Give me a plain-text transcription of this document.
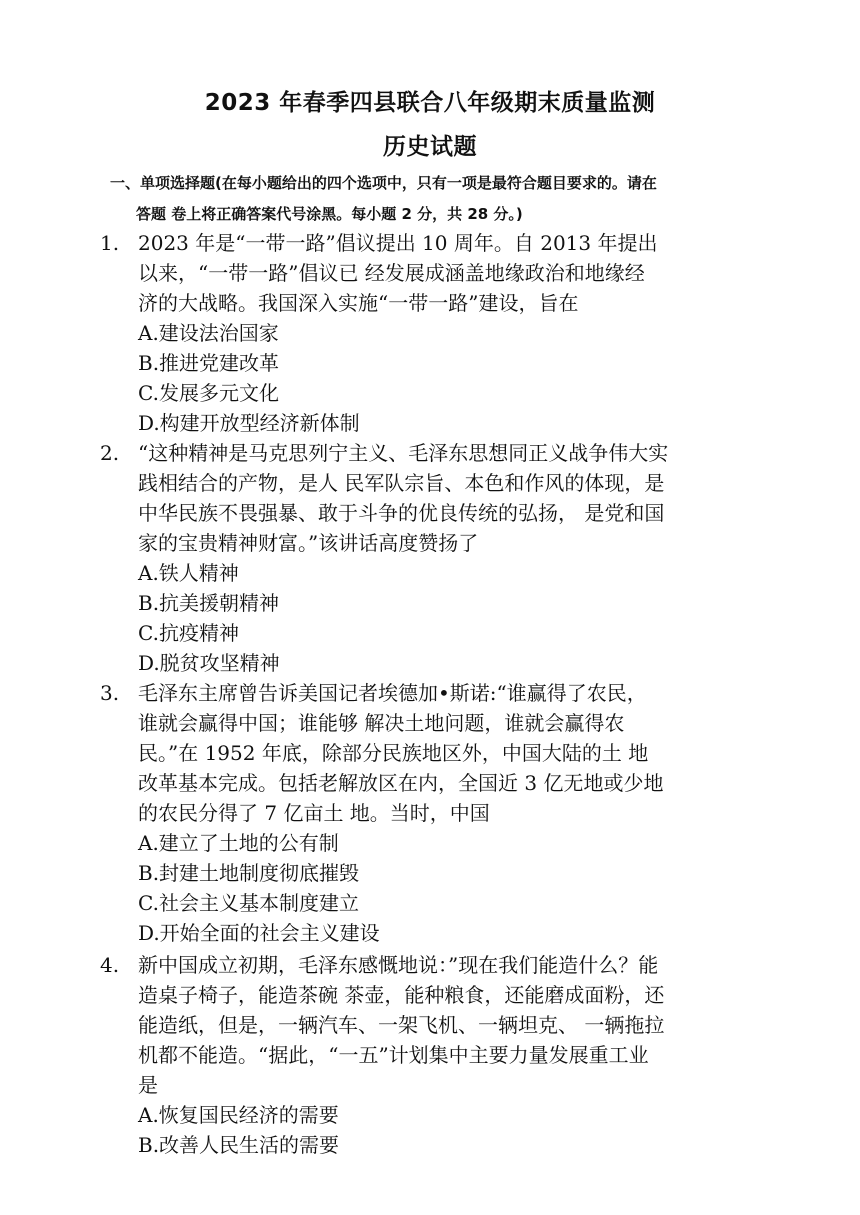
2023 年春季四县联合八年级期末质量监测
历史试题
一、单项选择题(在每小题给出的四个选项中，只有一项是最符合题目要求的。请在
答题 卷上将正确答案代号涂黑。每小题 2 分，共 28 分。)
1. 2023 年是“一带一路”倡议提出 10 周年。自 2013 年提出
以来，“一带一路”倡议已 经发展成涵盖地缘政治和地缘经
济的大战略。我国深入实施“一带一路”建设，旨在
A.建设法治国家
B.推进党建改革
C.发展多元文化
D.构建开放型经济新体制
2. “这种精神是马克思列宁主义、毛泽东思想同正义战争伟大实
践相结合的产物，是人 民军队宗旨、本色和作风的体现，是
中华民族不畏强暴、敢于斗争的优良传统的弘扬， 是党和国
家的宝贵精神财富。”该讲话高度赞扬了
A.铁人精神
B.抗美援朝精神
C.抗疫精神
D.脱贫攻坚精神
3. 毛泽东主席曾告诉美国记者埃德加•斯诺:“谁赢得了农民，
谁就会赢得中国；谁能够 解决土地问题，谁就会赢得农
民。”在 1952 年底，除部分民族地区外，中国大陆的土 地
改革基本完成。包括老解放区在内，全国近 3 亿无地或少地
的农民分得了 7 亿亩土 地。当时，中国
A.建立了土地的公有制
B.封建土地制度彻底摧毁
C.社会主义基本制度建立
D.开始全面的社会主义建设
4. 新中国成立初期，毛泽东感慨地说：”现在我们能造什么？能
造桌子椅子，能造茶碗 茶壶，能种粮食，还能磨成面粉，还
能造纸，但是，一辆汽车、一架飞机、一辆坦克、 一辆拖拉
机都不能造。“据此，“一五”计划集中主要力量发展重工业
是
A.恢复国民经济的需要
B.改善人民生活的需要
